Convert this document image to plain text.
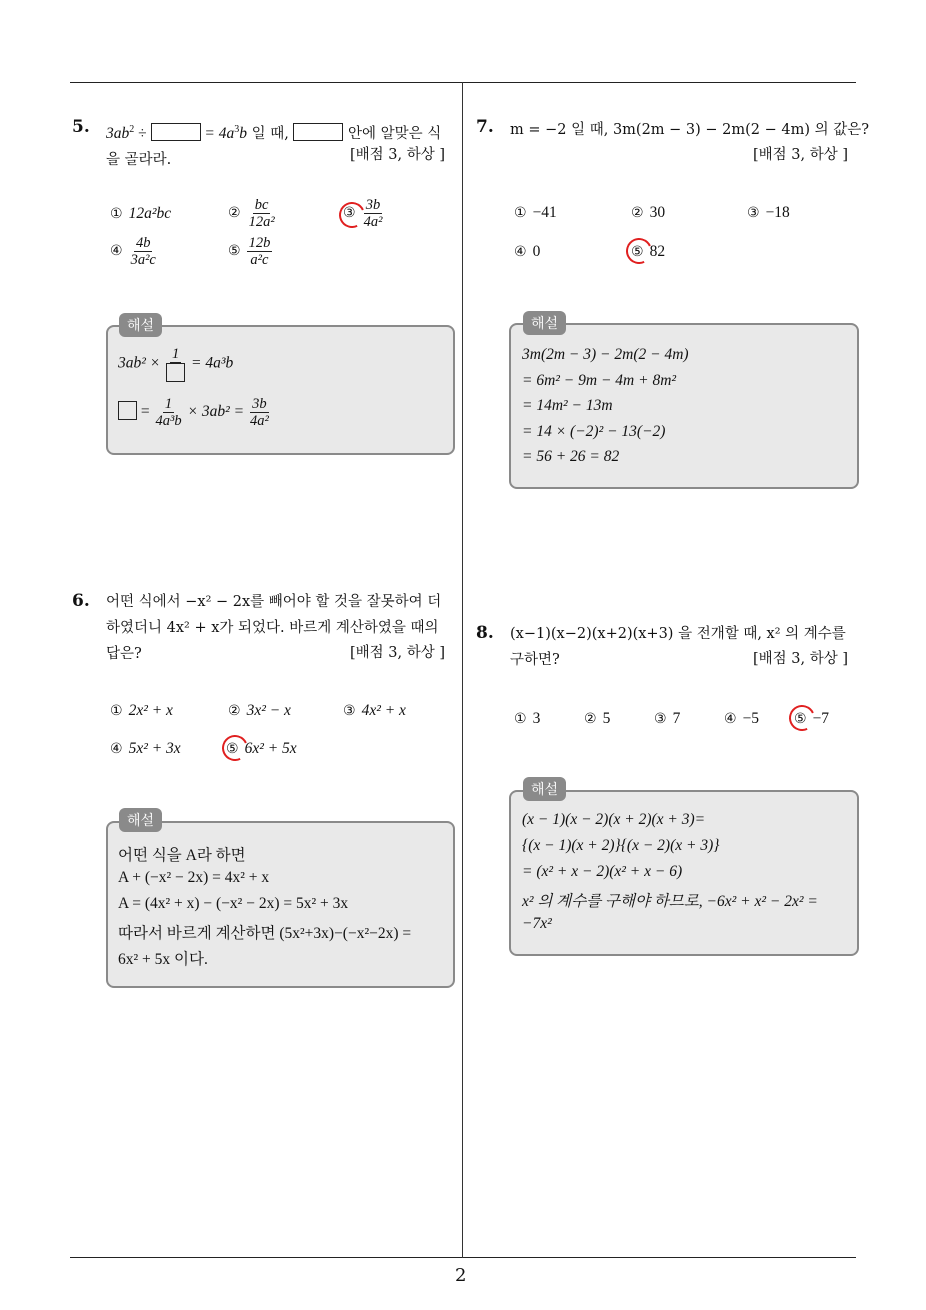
5. $3ab^2$ ÷	= $4a^3b$ 일 때,	안에 알맞은 식
을 골라라.	[배점 3, 하상 ]
① 12a²bc	② $\frac{bc}{\text{12a²}}$	③ $\frac{3b}{\text{4a²}}$
④ $\frac{4b}{\text{3a²c}}$	⑤ $\frac{12b}{\text{a²c}}$
해설
3ab² ×
1
= 4a³b
= $\frac{1}{\text{4a³b}} \times 3ab^2 = \frac{3b}{\text{4a²}}$
6. 어떤 식에서 −x² − 2x를 빼어야 할 것을 잘못하여 더
하였더니 4x² + x가 되었다. 바르게 계산하였을 때의
답은?	[배점 3, 하상 ]
① 2x² + x	② 3x² − x	③ 4x² + x
④ 5x² + 3x	⑤ 6x² + 5x
해설
어떤 식을 A라 하면
A + (−x² − 2x) = 4x² + x
A = (4x² + x) − (−x² − 2x) = 5x² + 3x
따라서 바르게 계산하면 (5x²+3x)−(−x²−2x) =
6x² + 5x 이다.
7. m = −2 일 때, 3m(2m − 3) − 2m(2 − 4m) 의 값은?
[배점 3, 하상 ]
① −41	② 30	③ −18
④ 0	⑤ 82
해설
3m(2m − 3) − 2m(2 − 4m)
= 6m² − 9m − 4m + 8m²
= 14m² − 13m
= 14 × (−2)² − 13(−2)
= 56 + 26 = 82
8. (x−1)(x−2)(x+2)(x+3) 을 전개할 때, x² 의 계수를
구하면?	[배점 3, 하상 ]
① 3	② 5	③ 7	④ −5 ⑤ −7
해설
(x − 1)(x − 2)(x + 2)(x + 3)=
{(x − 1)(x + 2)}{(x − 2)(x + 3)}
= (x² + x − 2)(x² + x − 6)
x² 의 계수를 구해야 하므로, −6x² + x² − 2x² =
−7x²
2
